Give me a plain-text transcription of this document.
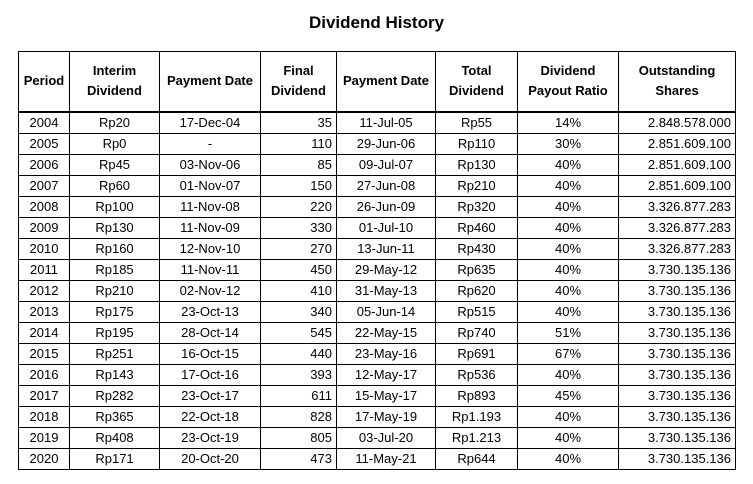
Dividend History
Period	Interim Dividend	Payment Date	Final Dividend	Payment Date	Total Dividend	Dividend Payout Ratio	Outstanding Shares
2004	Rp20	17-Dec-04	35	11-Jul-05	Rp55	14%	2.848.578.000
2005	Rp0	-	110	29-Jun-06	Rp110	30%	2.851.609.100
2006	Rp45	03-Nov-06	85	09-Jul-07	Rp130	40%	2.851.609.100
2007	Rp60	01-Nov-07	150	27-Jun-08	Rp210	40%	2.851.609.100
2008	Rp100	11-Nov-08	220	26-Jun-09	Rp320	40%	3.326.877.283
2009	Rp130	11-Nov-09	330	01-Jul-10	Rp460	40%	3.326.877.283
2010	Rp160	12-Nov-10	270	13-Jun-11	Rp430	40%	3.326.877.283
2011	Rp185	11-Nov-11	450	29-May-12	Rp635	40%	3.730.135.136
2012	Rp210	02-Nov-12	410	31-May-13	Rp620	40%	3.730.135.136
2013	Rp175	23-Oct-13	340	05-Jun-14	Rp515	40%	3.730.135.136
2014	Rp195	28-Oct-14	545	22-May-15	Rp740	51%	3.730.135.136
2015	Rp251	16-Oct-15	440	23-May-16	Rp691	67%	3.730.135.136
2016	Rp143	17-Oct-16	393	12-May-17	Rp536	40%	3.730.135.136
2017	Rp282	23-Oct-17	611	15-May-17	Rp893	45%	3.730.135.136
2018	Rp365	22-Oct-18	828	17-May-19	Rp1.193	40%	3.730.135.136
2019	Rp408	23-Oct-19	805	03-Jul-20	Rp1.213	40%	3.730.135.136
2020	Rp171	20-Oct-20	473	11-May-21	Rp644	40%	3.730.135.136
